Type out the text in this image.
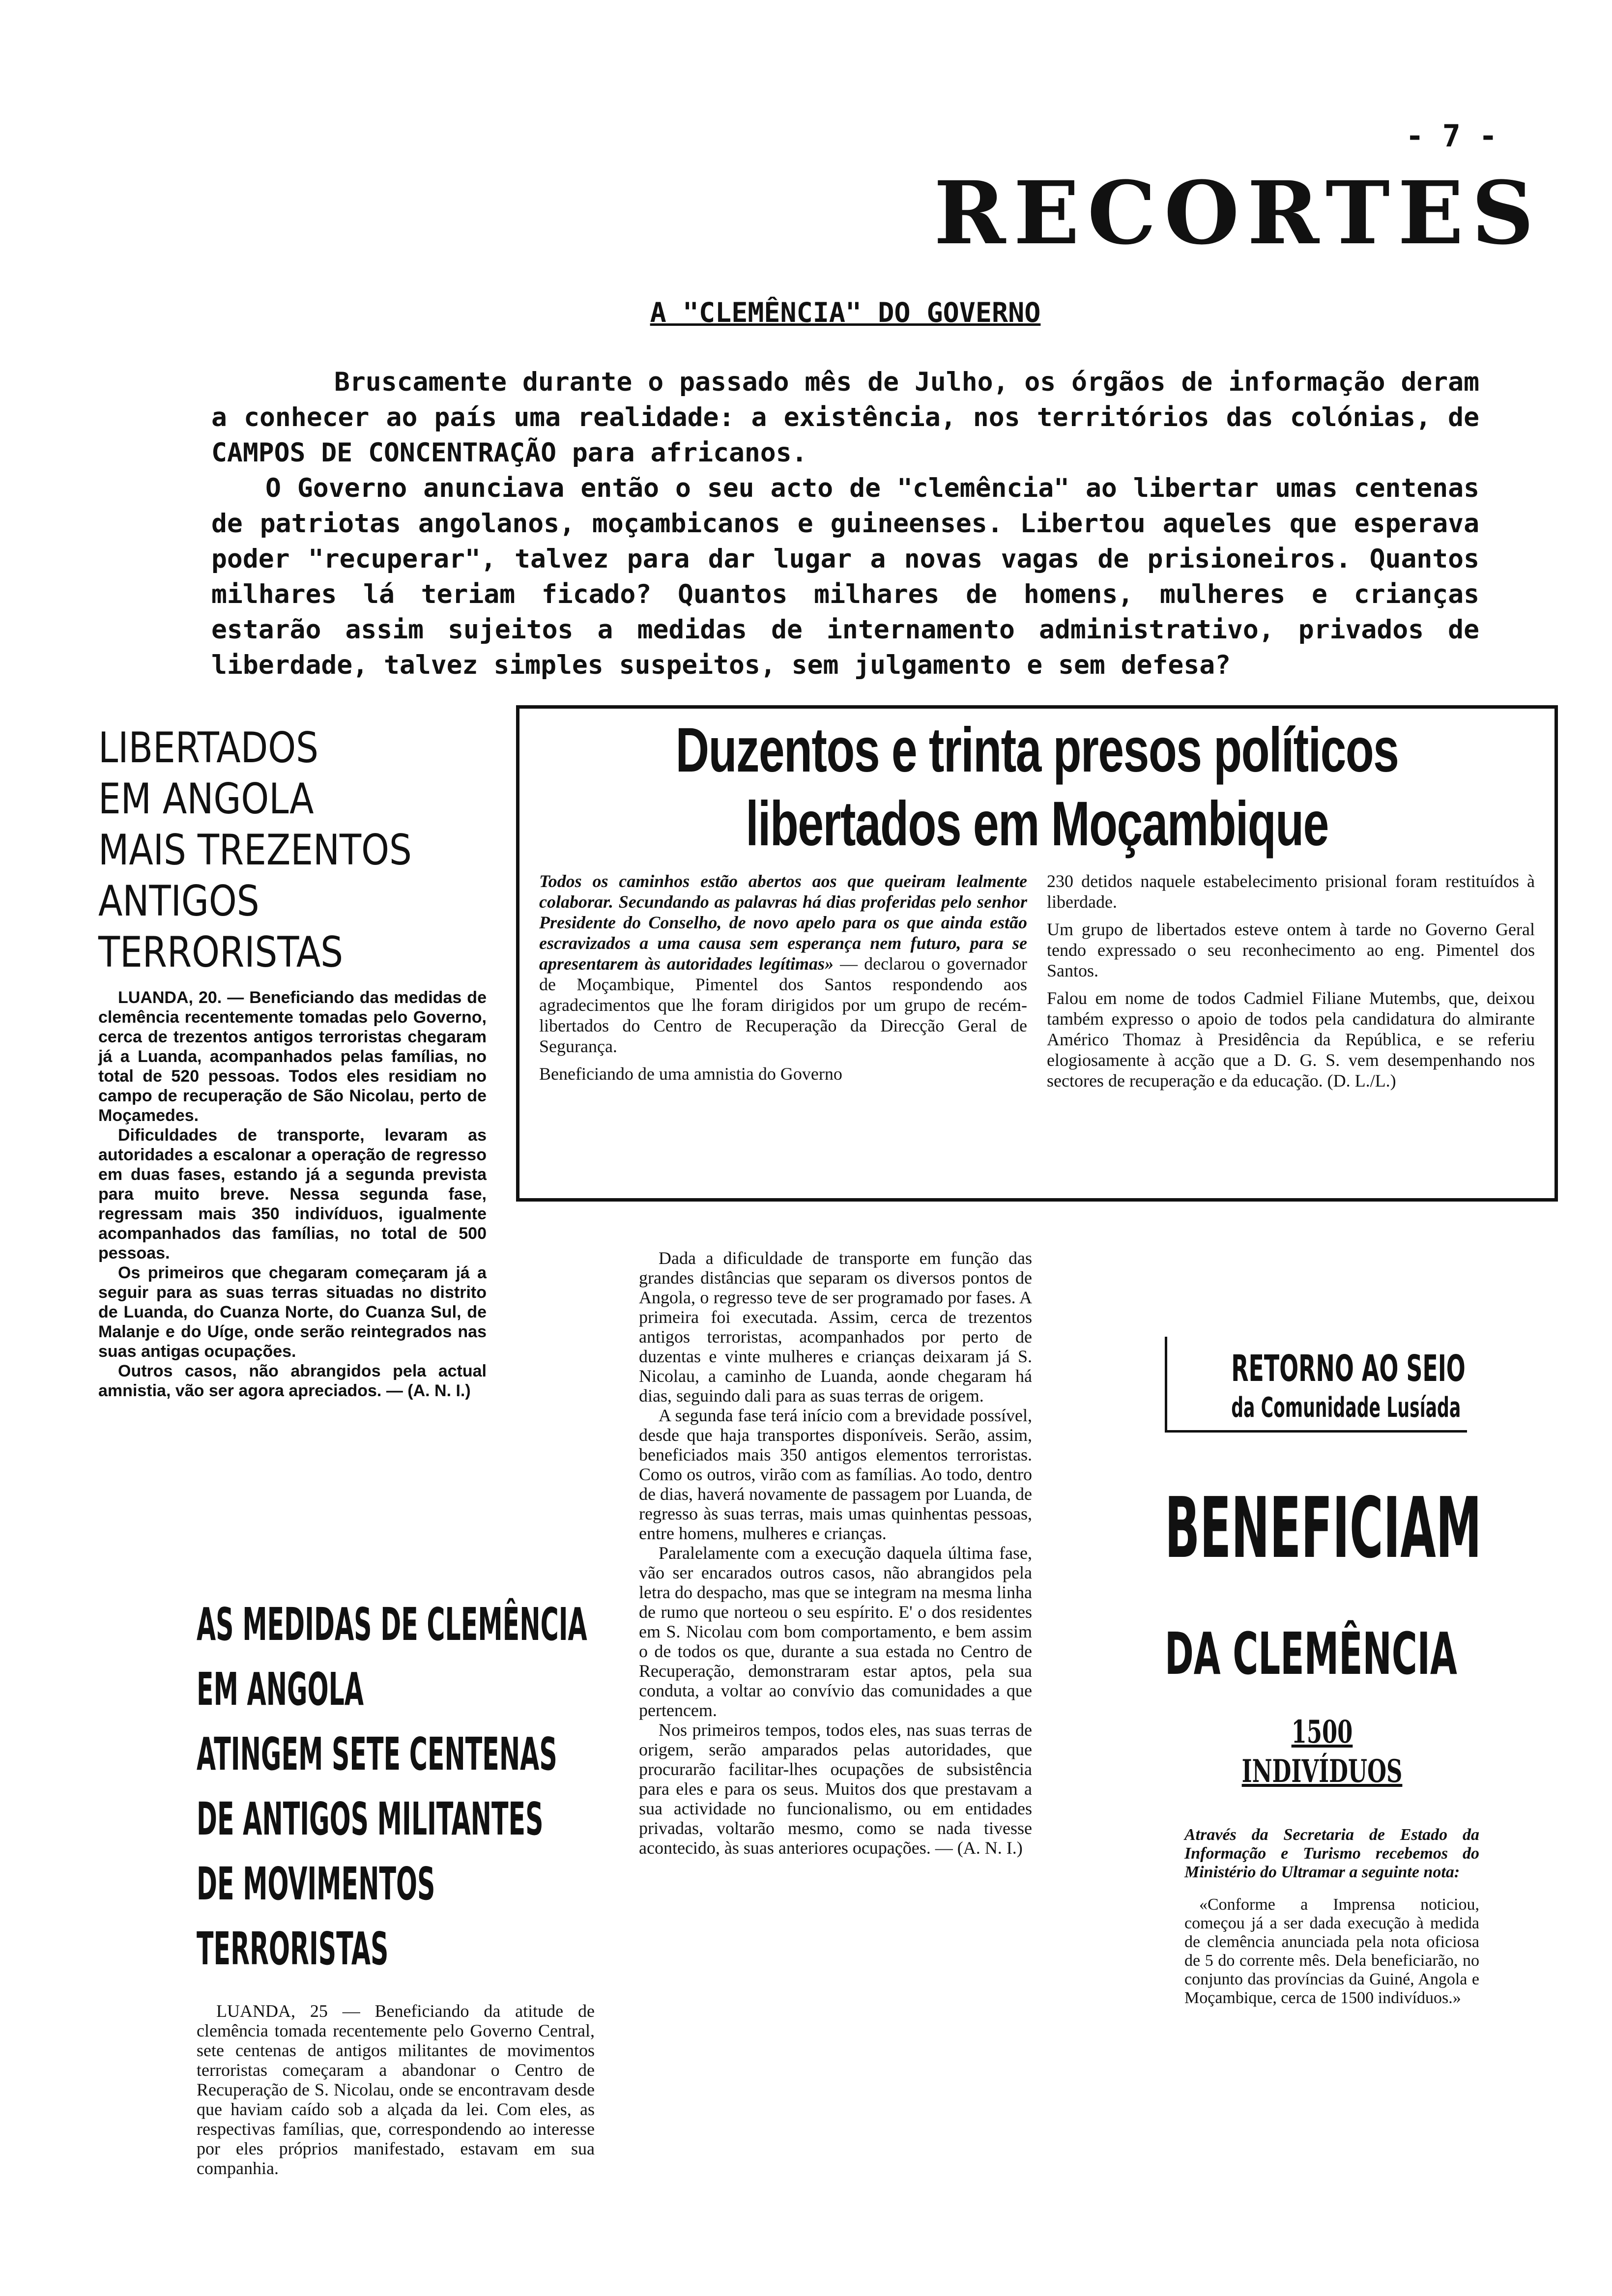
- 7 -
RECORTES
A "CLEMÊNCIA" DO GOVERNO

Bruscamente durante o passado mês de Julho, os órgãos de informação deram a conhecer ao país uma realidade: a existência, nos territórios das colónias, de CAMPOS DE CONCENTRAÇÃO para africanos.

O Governo anunciava então o seu acto de "clemência" ao libertar umas centenas de patriotas angolanos, moçambicanos e guineenses. Libertou aqueles que esperava poder "recuperar", talvez para dar lugar a novas vagas de prisioneiros. Quantos milhares lá teriam ficado? Quantos milhares de homens, mulheres e crianças estarão assim sujeitos a medidas de internamento administrativo, privados de liberdade, talvez simples suspeitos, sem julgamento e sem defesa?

LIBERTADOS
EM ANGOLA
MAIS TREZENTOS
ANTIGOS
TERRORISTAS

LUANDA, 20. — Beneficiando das medidas de clemência recentemente tomadas pelo Governo, cerca de trezentos antigos terroristas chegaram já a Luanda, acompanhados pelas famílias, no total de 520 pessoas. Todos eles residiam no campo de recuperação de São Nicolau, perto de Moçamedes.

Dificuldades de transporte, levaram as autoridades a escalonar a operação de regresso em duas fases, estando já a segunda prevista para muito breve. Nessa segunda fase, regressam mais 350 indivíduos, igualmente acompanhados das famílias, no total de 500 pessoas.

Os primeiros que chegaram começaram já a seguir para as suas terras situadas no distrito de Luanda, do Cuanza Norte, do Cuanza Sul, de Malanje e do Uíge, onde serão reintegrados nas suas antigas ocupações.

Outros casos, não abrangidos pela actual amnistia, vão ser agora apreciados. — (A. N. I.)

Duzentos e trinta presos políticos
libertados em Moçambique

Todos os caminhos estão abertos aos que queiram lealmente colaborar. Secundando as palavras há dias proferidas pelo senhor Presidente do Conselho, de novo apelo para os que ainda estão escravizados a uma causa sem esperança nem futuro, para se apresentarem às autoridades legítimas» — declarou o governador de Moçambique, Pimentel dos Santos respondendo aos agradecimentos que lhe foram dirigidos por um grupo de recém-libertados do Centro de Recuperação da Direcção Geral de Segurança.

Beneficiando de uma amnistia do Governo

230 detidos naquele estabelecimento prisional foram restituídos à liberdade.

Um grupo de libertados esteve ontem à tarde no Governo Geral tendo expressado o seu reconhecimento ao eng. Pimentel dos Santos.

Falou em nome de todos Cadmiel Filiane Mutembs, que, deixou também expresso o apoio de todos pela candidatura do almirante Américo Thomaz à Presidência da República, e se referiu elogiosamente à acção que a D. G. S. vem desempenhando nos sectores de recuperação e da educação. (D. L./L.)

Dada a dificuldade de transporte em função das grandes distâncias que separam os diversos pontos de Angola, o regresso teve de ser programado por fases. A primeira foi executada. Assim, cerca de trezentos antigos terroristas, acompanhados por perto de duzentas e vinte mulheres e crianças deixaram já S. Nicolau, a caminho de Luanda, aonde chegaram há dias, seguindo dali para as suas terras de origem.

A segunda fase terá início com a brevidade possível, desde que haja transportes disponíveis. Serão, assim, beneficiados mais 350 antigos elementos terroristas. Como os outros, virão com as famílias. Ao todo, dentro de dias, haverá novamente de passagem por Luanda, de regresso às suas terras, mais umas quinhentas pessoas, entre homens, mulheres e crianças.

Paralelamente com a execução daquela última fase, vão ser encarados outros casos, não abrangidos pela letra do despacho, mas que se integram na mesma linha de rumo que norteou o seu espírito. E' o dos residentes em S. Nicolau com bom comportamento, e bem assim o de todos os que, durante a sua estada no Centro de Recuperação, demonstraram estar aptos, pela sua conduta, a voltar ao convívio das comunidades a que pertencem.

Nos primeiros tempos, todos eles, nas suas terras de origem, serão amparados pelas autoridades, que procurarão facilitar-lhes ocupações de subsistência para eles e para os seus. Muitos dos que prestavam a sua actividade no funcionalismo, ou em entidades privadas, voltarão mesmo, como se nada tivesse acontecido, às suas anteriores ocupações. — (A. N. I.)

AS MEDIDAS DE CLEMÊNCIA
EM ANGOLA
ATINGEM SETE CENTENAS
DE ANTIGOS MILITANTES
DE MOVIMENTOS TERRORISTAS

LUANDA, 25 — Beneficiando da atitude de clemência tomada recentemente pelo Governo Central, sete centenas de antigos militantes de movimentos terroristas começaram a abandonar o Centro de Recuperação de S. Nicolau, onde se encontravam desde que haviam caído sob a alçada da lei. Com eles, as respectivas famílias, que, correspondendo ao interesse por eles próprios manifestado, estavam em sua companhia.

RETORNO AO SEIO
da Comunidade Lusíada
BENEFICIAM
DA CLEMÊNCIA
1500 INDIVÍDUOS
Através da Secretaria de Estado da Informação e Turismo recebemos do Ministério do Ultramar a seguinte nota:
«Conforme a Imprensa noticiou, começou já a ser dada execução à medida de clemência anunciada pela nota oficiosa de 5 do corrente mês. Dela beneficiarão, no conjunto das províncias da Guiné, Angola e Moçambique, cerca de 1500 indivíduos.»
